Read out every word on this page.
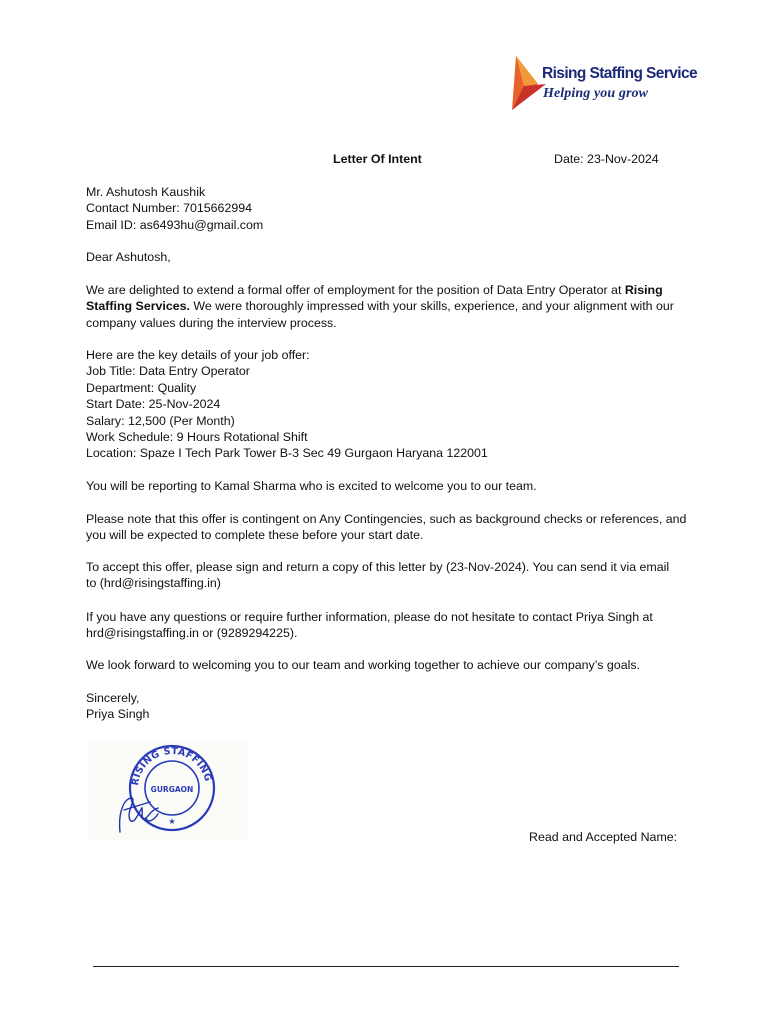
Rising Staffing Service
Helping you grow
Letter Of Intent	Date: 23-Nov-2024

Mr. Ashutosh Kaushik

Contact Number: 7015662994

Email ID: as6493hu@gmail.com

Dear Ashutosh,

We are delighted to extend a formal offer of employment for the position of Data Entry Operator at Rising Staffing Services. We were thoroughly impressed with your skills, experience, and your alignment with our company values during the interview process.

Here are the key details of your job offer:

Job Title: Data Entry Operator

Department: Quality

Start Date: 25-Nov-2024

Salary: 12,500 (Per Month)

Work Schedule: 9 Hours Rotational Shift

Location: Spaze I Tech Park Tower B-3 Sec 49 Gurgaon Haryana 122001

You will be reporting to Kamal Sharma who is excited to welcome you to our team.

Please note that this offer is contingent on Any Contingencies, such as background checks or references, and you will be expected to complete these before your start date.

To accept this offer, please sign and return a copy of this letter by (23-Nov-2024). You can send it via email to (hrd@risingstaffing.in)

If you have any questions or require further information, please do not hesitate to contact Priya Singh at hrd@risingstaffing.in or (9289294225).

We look forward to welcoming you to our team and working together to achieve our company’s goals.

Sincerely,

Priya Singh

RISING STAFFING
GURGAON
★

Read and Accepted Name:
